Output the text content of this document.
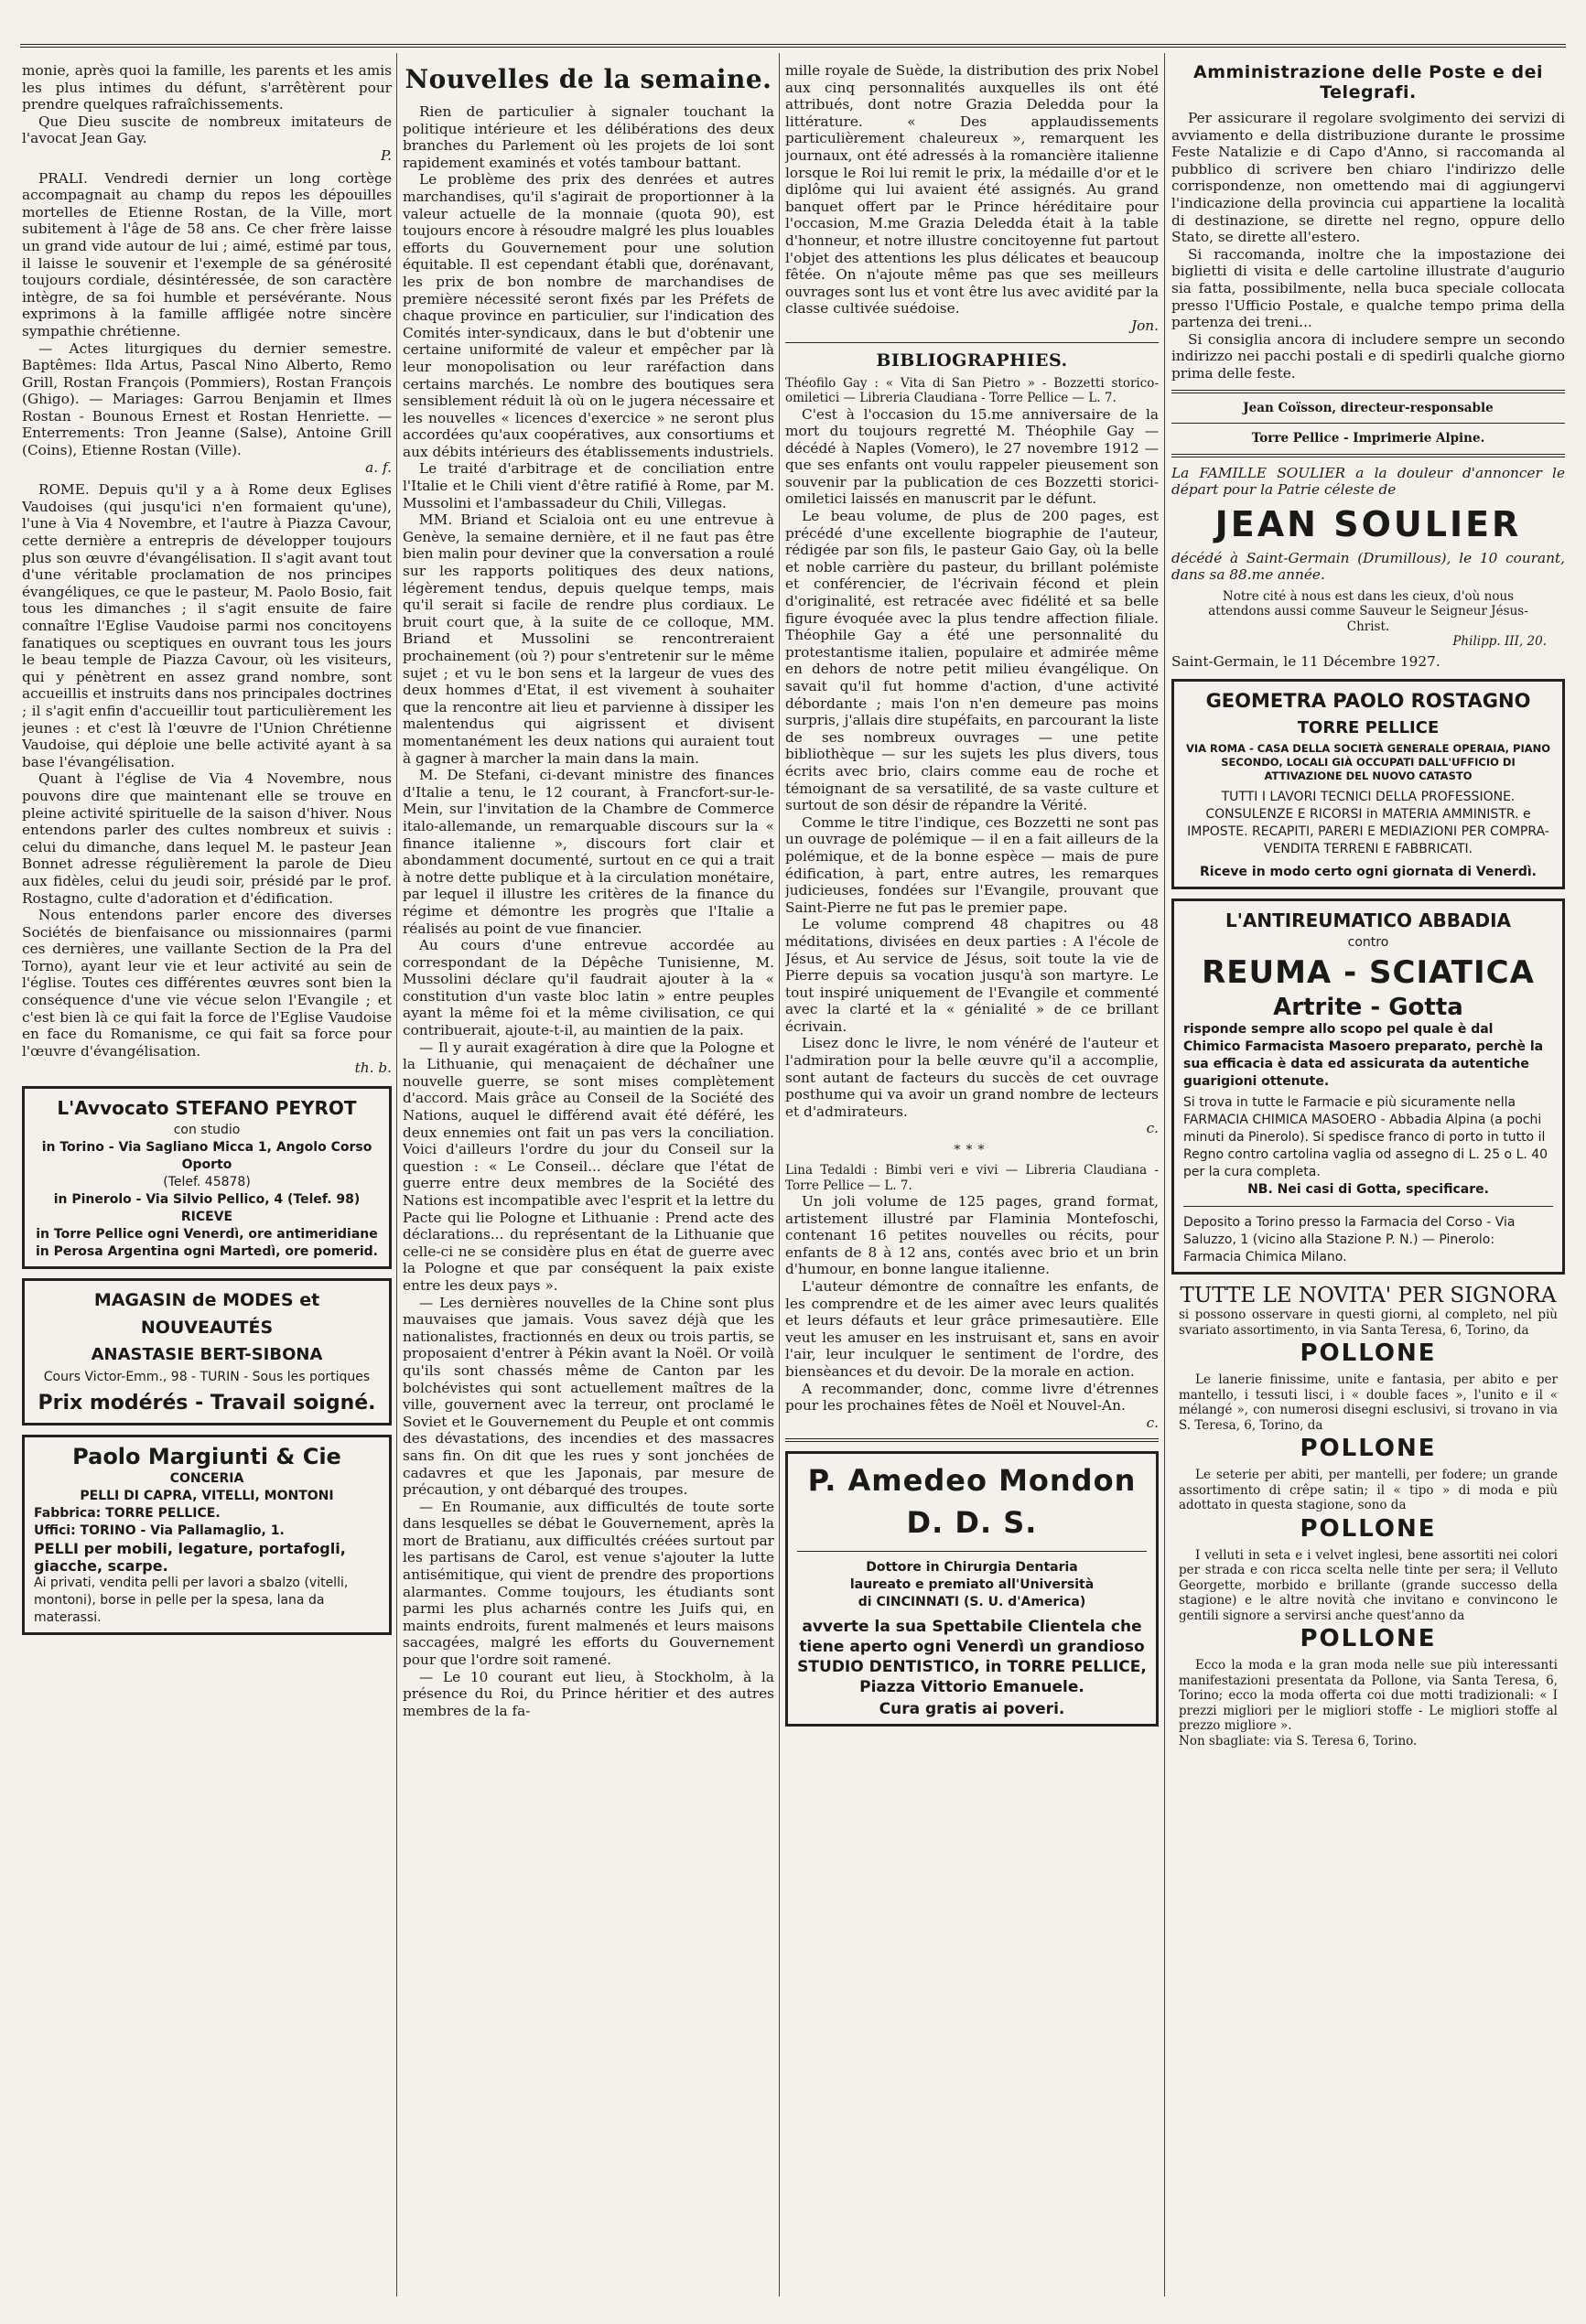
monie, après quoi la famille, les parents et les amis les plus intimes du défunt, s'arrêtèrent pour prendre quelques rafraîchissements.

Que Dieu suscite de nombreux imitateurs de l'avocat Jean Gay.

P.

PRALI. Vendredi dernier un long cortège accompagnait au champ du repos les dépouilles mortelles de Etienne Rostan, de la Ville, mort subitement à l'âge de 58 ans. Ce cher frère laisse un grand vide autour de lui ; aimé, estimé par tous, il laisse le souvenir et l'exemple de sa générosité toujours cordiale, désintéressée, de son caractère intègre, de sa foi humble et persévérante. Nous exprimons à la famille affligée notre sincère sympathie chrétienne.

— Actes liturgiques du dernier semestre. Baptêmes: Ilda Artus, Pascal Nino Alberto, Remo Grill, Rostan François (Pommiers), Rostan François (Ghigo). — Mariages: Garrou Benjamin et Ilmes Rostan - Bounous Ernest et Rostan Henriette. — Enterrements: Tron Jeanne (Salse), Antoine Grill (Coins), Etienne Rostan (Ville).

a. f.

ROME. Depuis qu'il y a à Rome deux Eglises Vaudoises (qui jusqu'ici n'en formaient qu'une), l'une à Via 4 Novembre, et l'autre à Piazza Cavour, cette dernière a entrepris de développer toujours plus son œuvre d'évangélisation. Il s'agit avant tout d'une véritable proclamation de nos principes évangéliques, ce que le pasteur, M. Paolo Bosio, fait tous les dimanches ; il s'agit ensuite de faire connaître l'Eglise Vaudoise parmi nos concitoyens fanatiques ou sceptiques en ouvrant tous les jours le beau temple de Piazza Cavour, où les visiteurs, qui y pénètrent en assez grand nombre, sont accueillis et instruits dans nos principales doctrines ; il s'agit enfin d'accueillir tout particulièrement les jeunes : et c'est là l'œuvre de l'Union Chrétienne Vaudoise, qui déploie une belle activité ayant à sa base l'évangélisation.

Quant à l'église de Via 4 Novembre, nous pouvons dire que maintenant elle se trouve en pleine activité spirituelle de la saison d'hiver. Nous entendons parler des cultes nombreux et suivis : celui du dimanche, dans lequel M. le pasteur Jean Bonnet adresse régulièrement la parole de Dieu aux fidèles, celui du jeudi soir, présidé par le prof. Rostagno, culte d'adoration et d'édification.

Nous entendons parler encore des diverses Sociétés de bienfaisance ou missionnaires (parmi ces dernières, une vaillante Section de la Pra del Torno), ayant leur vie et leur activité au sein de l'église. Toutes ces différentes œuvres sont bien la conséquence d'une vie vécue selon l'Evangile ; et c'est bien là ce qui fait la force de l'Eglise Vaudoise en face du Romanisme, ce qui fait sa force pour l'œuvre d'évangélisation.

th. b.

L'Avvocato STEFANO PEYROT
con studio
in Torino - Via Sagliano Micca 1, Angolo Corso Oporto
(Telef. 45878)
in Pinerolo - Via Silvio Pellico, 4 (Telef. 98)
RICEVE
in Torre Pellice ogni Venerdì, ore antimeridiane
in Perosa Argentina ogni Martedì, ore pomerid.
MAGASIN de MODES et NOUVEAUTÉS
ANASTASIE BERT-SIBONA
Cours Victor-Emm., 98 - TURIN - Sous les portiques
Prix modérés - Travail soigné.
Paolo Margiunti & Cie
CONCERIA
PELLI DI CAPRA, VITELLI, MONTONI
Fabbrica: TORRE PELLICE.
Uffici: TORINO - Via Pallamaglio, 1.
PELLI per mobili, legature, portafogli, giacche, scarpe.
Ai privati, vendita pelli per lavori a sbalzo (vitelli, montoni), borse in pelle per la spesa, lana da materassi.
Nouvelles de la semaine.

Rien de particulier à signaler touchant la politique intérieure et les délibérations des deux branches du Parlement où les projets de loi sont rapidement examinés et votés tambour battant.

Le problème des prix des denrées et autres marchandises, qu'il s'agirait de proportionner à la valeur actuelle de la monnaie (quota 90), est toujours encore à résoudre malgré les plus louables efforts du Gouvernement pour une solution équitable. Il est cependant établi que, dorénavant, les prix de bon nombre de marchandises de première nécessité seront fixés par les Préfets de chaque province en particulier, sur l'indication des Comités inter-syndicaux, dans le but d'obtenir une certaine uniformité de valeur et empêcher par là leur monopolisation ou leur raréfaction dans certains marchés. Le nombre des boutiques sera sensiblement réduit là où on le jugera nécessaire et les nouvelles « licences d'exercice » ne seront plus accordées qu'aux coopératives, aux consortiums et aux débits intérieurs des établissements industriels.

Le traité d'arbitrage et de conciliation entre l'Italie et le Chili vient d'être ratifié à Rome, par M. Mussolini et l'ambassadeur du Chili, Villegas.

MM. Briand et Scialoia ont eu une entrevue à Genève, la semaine dernière, et il ne faut pas être bien malin pour deviner que la conversation a roulé sur les rapports politiques des deux nations, légèrement tendus, depuis quelque temps, mais qu'il serait si facile de rendre plus cordiaux. Le bruit court que, à la suite de ce colloque, MM. Briand et Mussolini se rencontreraient prochainement (où ?) pour s'entretenir sur le même sujet ; et vu le bon sens et la largeur de vues des deux hommes d'Etat, il est vivement à souhaiter que la rencontre ait lieu et parvienne à dissiper les malentendus qui aigrissent et divisent momentanément les deux nations qui auraient tout à gagner à marcher la main dans la main.

M. De Stefani, ci-devant ministre des finances d'Italie a tenu, le 12 courant, à Francfort-sur-le-Mein, sur l'invitation de la Chambre de Commerce italo-allemande, un remarquable discours sur la « finance italienne », discours fort clair et abondamment documenté, surtout en ce qui a trait à notre dette publique et à la circulation monétaire, par lequel il illustre les critères de la finance du régime et démontre les progrès que l'Italie a réalisés au point de vue financier.

Au cours d'une entrevue accordée au correspondant de la Dépêche Tunisienne, M. Mussolini déclare qu'il faudrait ajouter à la « constitution d'un vaste bloc latin » entre peuples ayant la même foi et la même civilisation, ce qui contribuerait, ajoute-t-il, au maintien de la paix.

— Il y aurait exagération à dire que la Pologne et la Lithuanie, qui menaçaient de déchaîner une nouvelle guerre, se sont mises complètement d'accord. Mais grâce au Conseil de la Société des Nations, auquel le différend avait été déféré, les deux ennemies ont fait un pas vers la conciliation. Voici d'ailleurs l'ordre du jour du Conseil sur la question : « Le Conseil... déclare que l'état de guerre entre deux membres de la Société des Nations est incompatible avec l'esprit et la lettre du Pacte qui lie Pologne et Lithuanie : Prend acte des déclarations... du représentant de la Lithuanie que celle-ci ne se considère plus en état de guerre avec la Pologne et que par conséquent la paix existe entre les deux pays ».

— Les dernières nouvelles de la Chine sont plus mauvaises que jamais. Vous savez déjà que les nationalistes, fractionnés en deux ou trois partis, se proposaient d'entrer à Pékin avant la Noël. Or voilà qu'ils sont chassés même de Canton par les bolchévistes qui sont actuellement maîtres de la ville, gouvernent avec la terreur, ont proclamé le Soviet et le Gouvernement du Peuple et ont commis des dévastations, des incendies et des massacres sans fin. On dit que les rues y sont jonchées de cadavres et que les Japonais, par mesure de précaution, y ont débarqué des troupes.

— En Roumanie, aux difficultés de toute sorte dans lesquelles se débat le Gouvernement, après la mort de Bratianu, aux difficultés créées surtout par les partisans de Carol, est venue s'ajouter la lutte antisémitique, qui vient de prendre des proportions alarmantes. Comme toujours, les étudiants sont parmi les plus acharnés contre les Juifs qui, en maints endroits, furent malmenés et leurs maisons saccagées, malgré les efforts du Gouvernement pour que l'ordre soit ramené.

— Le 10 courant eut lieu, à Stockholm, à la présence du Roi, du Prince héritier et des autres membres de la fa-

mille royale de Suède, la distribution des prix Nobel aux cinq personnalités auxquelles ils ont été attribués, dont notre Grazia Deledda pour la littérature. « Des applaudissements particulièrement chaleureux », remarquent les journaux, ont été adressés à la romancière italienne lorsque le Roi lui remit le prix, la médaille d'or et le diplôme qui lui avaient été assignés. Au grand banquet offert par le Prince héréditaire pour l'occasion, M.me Grazia Deledda était à la table d'honneur, et notre illustre concitoyenne fut partout l'objet des attentions les plus délicates et beaucoup fêtée. On n'ajoute même pas que ses meilleurs ouvrages sont lus et vont être lus avec avidité par la classe cultivée suédoise.

Jon.

BIBLIOGRAPHIES.

Théofilo Gay : « Vita di San Pietro » - Bozzetti storico-omiletici — Libreria Claudiana - Torre Pellice — L. 7.

C'est à l'occasion du 15.me anniversaire de la mort du toujours regretté M. Théophile Gay — décédé à Naples (Vomero), le 27 novembre 1912 — que ses enfants ont voulu rappeler pieusement son souvenir par la publication de ces Bozzetti storici-omiletici laissés en manuscrit par le défunt.

Le beau volume, de plus de 200 pages, est précédé d'une excellente biographie de l'auteur, rédigée par son fils, le pasteur Gaio Gay, où la belle et noble carrière du pasteur, du brillant polémiste et conférencier, de l'écrivain fécond et plein d'originalité, est retracée avec fidélité et sa belle figure évoquée avec la plus tendre affection filiale. Théophile Gay a été une personnalité du protestantisme italien, populaire et admirée même en dehors de notre petit milieu évangélique. On savait qu'il fut homme d'action, d'une activité débordante ; mais l'on n'en demeure pas moins surpris, j'allais dire stupéfaits, en parcourant la liste de ses nombreux ouvrages — une petite bibliothèque — sur les sujets les plus divers, tous écrits avec brio, clairs comme eau de roche et témoignant de sa versatilité, de sa vaste culture et surtout de son désir de répandre la Vérité.

Comme le titre l'indique, ces Bozzetti ne sont pas un ouvrage de polémique — il en a fait ailleurs de la polémique, et de la bonne espèce — mais de pure édification, à part, entre autres, les remarques judicieuses, fondées sur l'Evangile, prouvant que Saint-Pierre ne fut pas le premier pape.

Le volume comprend 48 chapitres ou 48 méditations, divisées en deux parties : A l'école de Jésus, et Au service de Jésus, soit toute la vie de Pierre depuis sa vocation jusqu'à son martyre. Le tout inspiré uniquement de l'Evangile et commenté avec la clarté et la « génialité » de ce brillant écrivain.

Lisez donc le livre, le nom vénéré de l'auteur et l'admiration pour la belle œuvre qu'il a accomplie, sont autant de facteurs du succès de cet ouvrage posthume qui va avoir un grand nombre de lecteurs et d'admirateurs.

c.

***

Lina Tedaldi : Bimbi veri e vivi — Libreria Claudiana - Torre Pellice — L. 7.

Un joli volume de 125 pages, grand format, artistement illustré par Flaminia Montefoschi, contenant 16 petites nouvelles ou récits, pour enfants de 8 à 12 ans, contés avec brio et un brin d'humour, en bonne langue italienne.

L'auteur démontre de connaître les enfants, de les comprendre et de les aimer avec leurs qualités et leurs défauts et leur grâce primesautière. Elle veut les amuser en les instruisant et, sans en avoir l'air, leur inculquer le sentiment de l'ordre, des biensèances et du devoir. De la morale en action.

A recommander, donc, comme livre d'étrennes pour les prochaines fêtes de Noël et Nouvel-An.

c.

P. Amedeo Mondon D. D. S.
Dottore in Chirurgia Dentaria
laureato e premiato all'Università
di CINCINNATI (S. U. d'America)
avverte la sua Spettabile Clientela che tiene aperto ogni Venerdì un grandioso STUDIO DENTISTICO, in TORRE PELLICE, Piazza Vittorio Emanuele.
Cura gratis ai poveri.
Amministrazione delle Poste e dei Telegrafi.

Per assicurare il regolare svolgimento dei servizi di avviamento e della distribuzione durante le prossime Feste Natalizie e di Capo d'Anno, si raccomanda al pubblico di scrivere ben chiaro l'indirizzo delle corrispondenze, non omettendo mai di aggiungervi l'indicazione della provincia cui appartiene la località di destinazione, se dirette nel regno, oppure dello Stato, se dirette all'estero.

Si raccomanda, inoltre che la impostazione dei biglietti di visita e delle cartoline illustrate d'augurio sia fatta, possibilmente, nella buca speciale collocata presso l'Ufficio Postale, e qualche tempo prima della partenza dei treni...

Si consiglia ancora di includere sempre un secondo indirizzo nei pacchi postali e di spedirli qualche giorno prima delle feste.

Jean Coïsson, directeur-responsable
Torre Pellice - Imprimerie Alpine.

La FAMILLE SOULIER a la douleur d'annoncer le départ pour la Patrie céleste de

JEAN SOULIER

décédé à Saint-Germain (Drumillous), le 10 courant, dans sa 88.me année.

Notre cité à nous est dans les cieux, d'où nous attendons aussi comme Sauveur le Seigneur Jésus-Christ.

Philipp. III, 20.

Saint-Germain, le 11 Décembre 1927.

GEOMETRA PAOLO ROSTAGNO
TORRE PELLICE
VIA ROMA - CASA DELLA SOCIETÀ GENERALE OPERAIA, PIANO SECONDO, LOCALI GIÀ OCCUPATI DALL'UFFICIO DI ATTIVAZIONE DEL NUOVO CATASTO
TUTTI I LAVORI TECNICI DELLA PROFESSIONE. CONSULENZE E RICORSI in MATERIA AMMINISTR. e IMPOSTE. RECAPITI, PARERI E MEDIAZIONI PER COMPRA-VENDITA TERRENI E FABBRICATI.
Riceve in modo certo ogni giornata di Venerdì.
L'ANTIREUMATICO ABBADIA
contro
REUMA - SCIATICA
Artrite - Gotta
risponde sempre allo scopo pel quale è dal Chimico Farmacista Masoero preparato, perchè la sua efficacia è data ed assicurata da autentiche guarigioni ottenute.
Si trova in tutte le Farmacie e più sicuramente nella FARMACIA CHIMICA MASOERO - Abbadia Alpina (a pochi minuti da Pinerolo). Si spedisce franco di porto in tutto il Regno contro cartolina vaglia od assegno di L. 25 o L. 40 per la cura completa.
NB. Nei casi di Gotta, specificare.
Deposito a Torino presso la Farmacia del Corso - Via Saluzzo, 1 (vicino alla Stazione P. N.) — Pinerolo: Farmacia Chimica Milano.
TUTTE LE NOVITA' PER SIGNORA

si possono osservare in questi giorni, al completo, nel più svariato assortimento, in via Santa Teresa, 6, Torino, da

POLLONE

Le lanerie finissime, unite e fantasia, per abito e per mantello, i tessuti lisci, i « double faces », l'unito e il « mélangé », con numerosi disegni esclusivi, si trovano in via S. Teresa, 6, Torino, da

POLLONE

Le seterie per abiti, per mantelli, per fodere; un grande assortimento di crêpe satin; il « tipo » di moda e più adottato in questa stagione, sono da

POLLONE

I velluti in seta e i velvet inglesi, bene assortiti nei colori per strada e con ricca scelta nelle tinte per sera; il Velluto Georgette, morbido e brillante (grande successo della stagione) e le altre novità che invitano e convincono le gentili signore a servirsi anche quest'anno da

POLLONE

Ecco la moda e la gran moda nelle sue più interessanti manifestazioni presentata da Pollone, via Santa Teresa, 6, Torino; ecco la moda offerta coi due motti tradizionali: « I prezzi migliori per le migliori stoffe - Le migliori stoffe al prezzo migliore ».

Non sbagliate: via S. Teresa 6, Torino.
